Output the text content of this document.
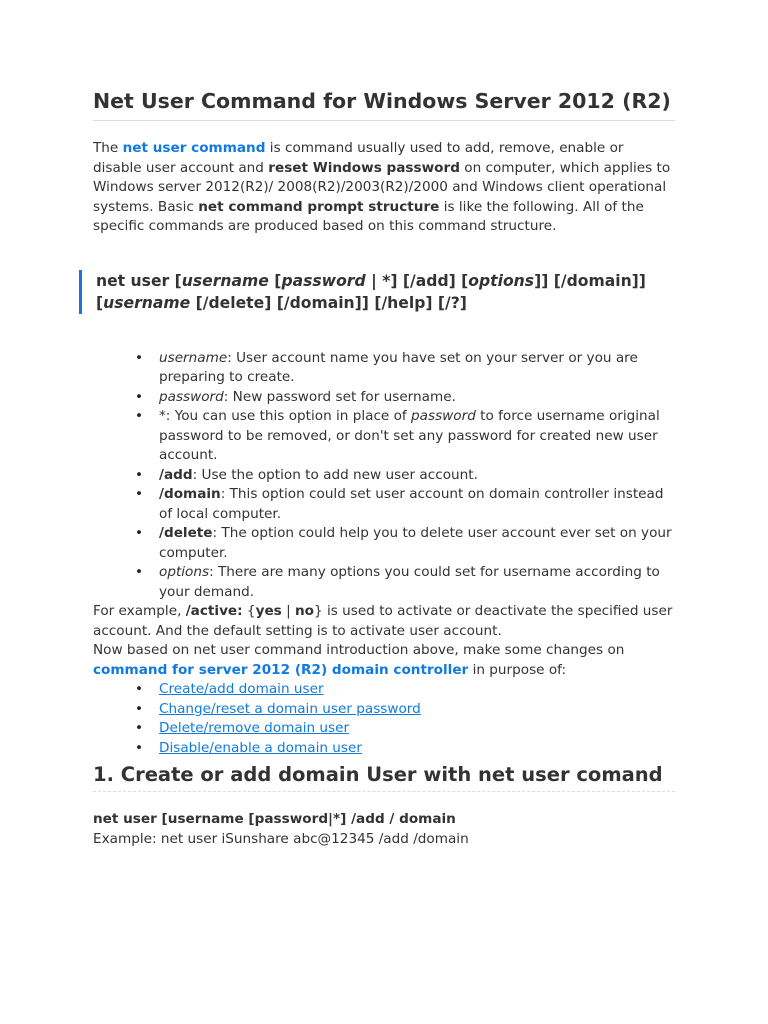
Net User Command for Windows Server 2012 (R2)

The net user command is command usually used to add, remove, enable or disable user account and reset Windows password on computer, which applies to Windows server 2012(R2)/ 2008(R2)/2003(R2)/2000 and Windows client operational systems. Basic net command prompt structure is like the following. All of the specific commands are produced based on this command structure.

net user [username [password | *] [/add] [options]] [/domain]] [username [/delete] [/domain]] [/help] [/?]
• username: User account name you have set on your server or you are preparing to create.
• password: New password set for username.
• *: You can use this option in place of password to force username original password to be removed, or don't set any password for created new user account.
• /add: Use the option to add new user account.
• /domain: This option could set user account on domain controller instead of local computer.
• /delete: The option could help you to delete user account ever set on your computer.
• options: There are many options you could set for username according to your demand.

For example, /active: {yes | no} is used to activate or deactivate the specified user account. And the default setting is to activate user account.

Now based on net user command introduction above, make some changes on command for server 2012 (R2) domain controller in purpose of:

• Create/add domain user
• Change/reset a domain user password
• Delete/remove domain user
• Disable/enable a domain user
1. Create or add domain User with net user comand

net user [username [password|*] /add / domain

Example: net user iSunshare abc@12345 /add /domain
